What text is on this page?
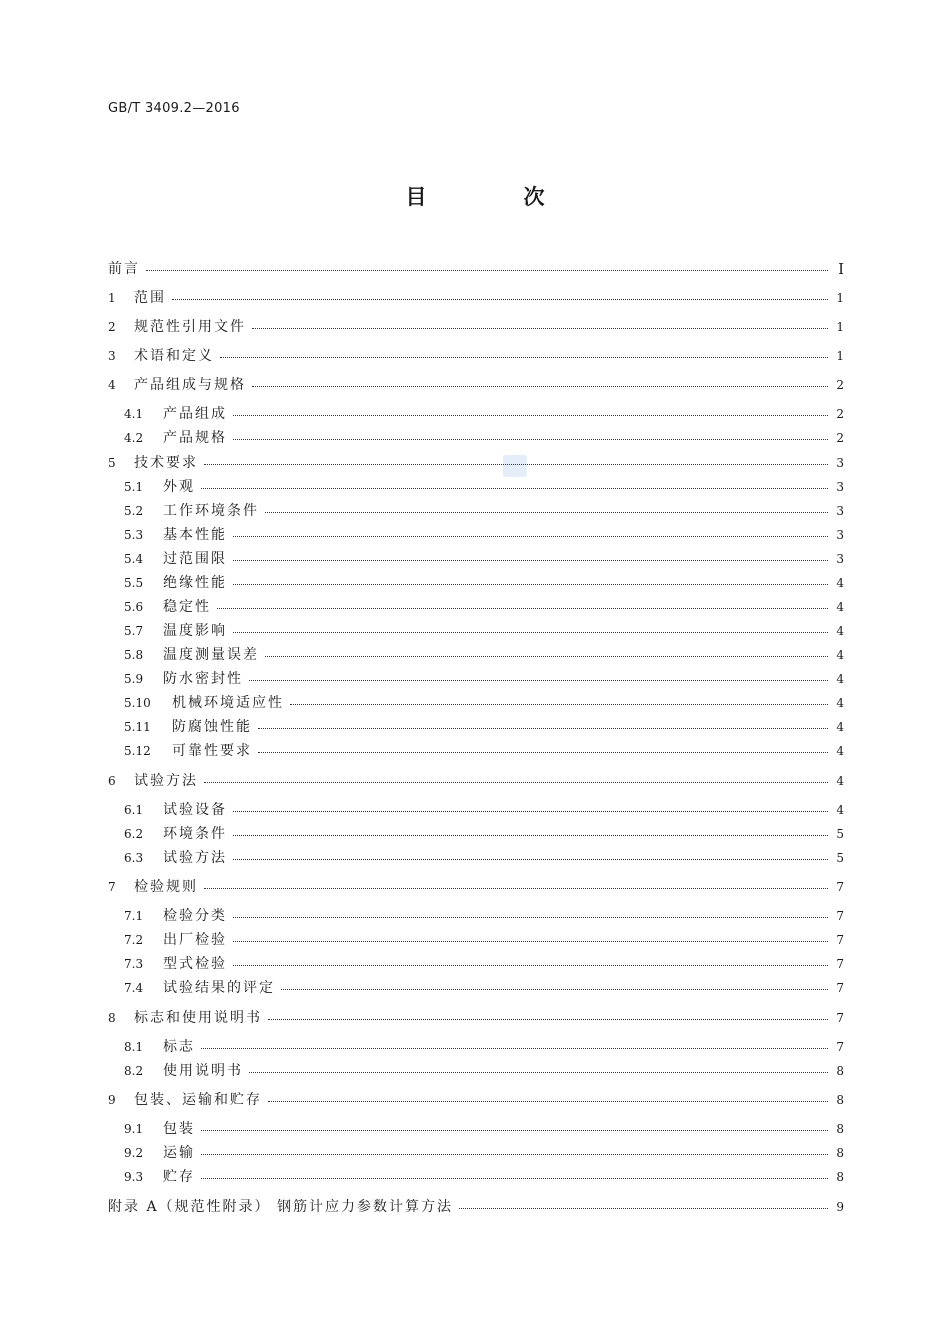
GB/T 3409.2—2016
目　次
前言	I
1	范围	1
2	规范性引用文件	1
3	术语和定义	1
4	产品组成与规格	2
4.1	产品组成	2
4.2	产品规格	2
5	技术要求	3
5.1	外观	3
5.2	工作环境条件	3
5.3	基本性能	3
5.4	过范围限	3
5.5	绝缘性能	4
5.6	稳定性	4
5.7	温度影响	4
5.8	温度测量误差	4
5.9	防水密封性	4
5.10	机械环境适应性	4
5.11	防腐蚀性能	4
5.12	可靠性要求	4
6	试验方法	4
6.1	试验设备	4
6.2	环境条件	5
6.3	试验方法	5
7	检验规则	7
7.1	检验分类	7
7.2	出厂检验	7
7.3	型式检验	7
7.4	试验结果的评定	7
8	标志和使用说明书	7
8.1	标志	7
8.2	使用说明书	8
9	包装、运输和贮存	8
9.1	包装	8
9.2	运输	8
9.3	贮存	8
附录 A（规范性附录） 钢筋计应力参数计算方法	9
